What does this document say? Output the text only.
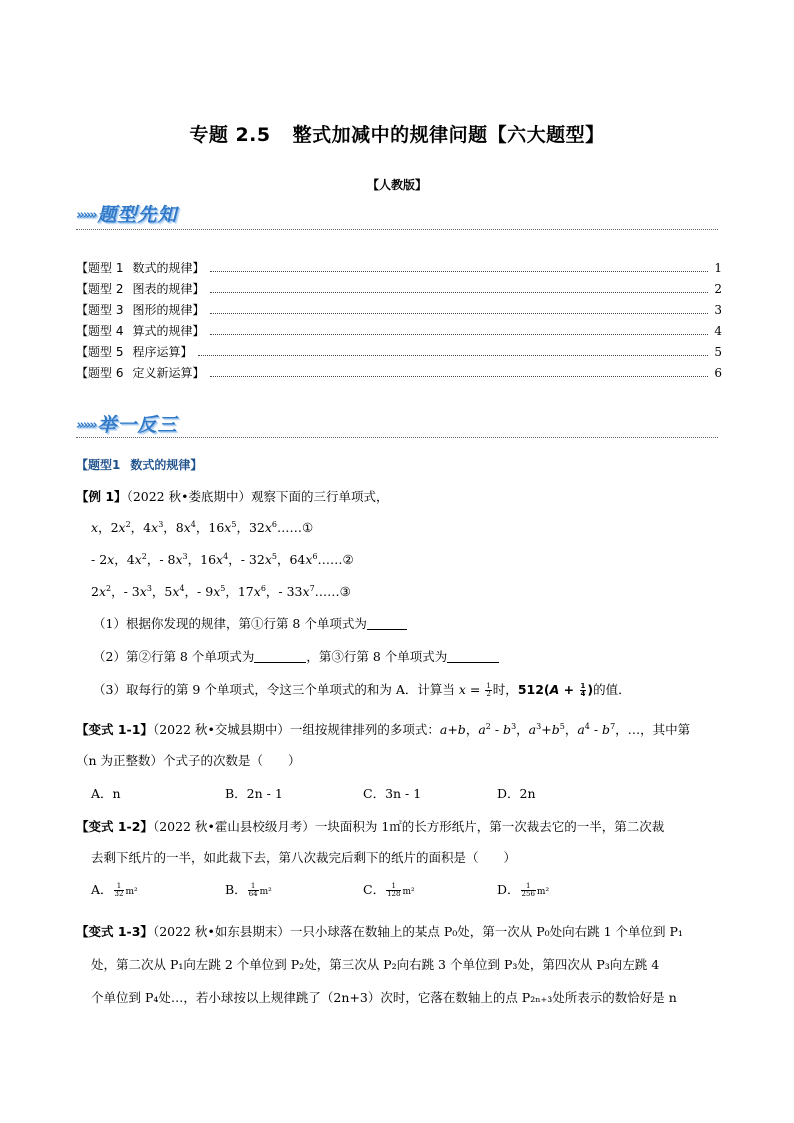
专题 2.5 整式加减中的规律问题【六大题型】
【人教版】
»»» 题型先知
【题型 1 数式的规律】	1
【题型 2 图表的规律】	2
【题型 3 图形的规律】	3
【题型 4 算式的规律】	4
【题型 5 程序运算】	5
【题型 6 定义新运算】	6
»»» 举一反三
【题型1 数式的规律】
【例 1】（2022 秋•娄底期中）观察下面的三行单项式，
x，$2x^2$，$4x^3$，$8x^4$，$16x^5$，$32x^6\dots\dots ①$
- 2x，$4x^2$，- $8x^3$，$16x^4$，- $32x^5$，$64x^6\dots\dots ②$
$2x^2$，- $3x^3$，$5x^4$，- $9x^5$，$17x^6$，- $33x^7\dots\dots ③$
（1）根据你发现的规律，第①行第 8 个单项式为
（2）第②行第 8 个单项式为	，第③行第 8 个单项式为
（3）取每行的第 9 个单项式，令这三个单项式的和为 A．计算当 $x = \frac{1}{2}$ 时，$512(A + \frac{1}{4}$ )的值．
【变式 1-1】（2022 秋•交城县期中）一组按规律排列的多项式：a+b，$a^2 - b^3$，$a^3+b^5$，$a^4 - b^7$，…，其中第
（n 为正整数）个式子的次数是（　　）
A．n	B．2n - 1	C．3n - 1	D．2n
【变式 1-2】（2022 秋•霍山县校级月考）一块面积为 1㎡的长方形纸片，第一次裁去它的一半，第二次裁
去剩下纸片的一半，如此裁下去，第八次裁完后剩下的纸片的面积是（　　）
A． $\frac{1}{32} m^2$	B． $\frac{1}{64} m^2$	C． $\frac{1}{128} m^2$	D． $\frac{1}{256} m^2$
【变式 1-3】（2022 秋•如东县期末）一只小球落在数轴上的某点 P₀处，第一次从 P₀处向右跳 1 个单位到 P₁
处，第二次从 P₁向左跳 2 个单位到 P₂处，第三次从 P₂向右跳 3 个单位到 P₃处，第四次从 P₃向左跳 4
个单位到 P₄处…，若小球按以上规律跳了（2n+3）次时，它落在数轴上的点 P₂ₙ₊₃处所表示的数恰好是 n
